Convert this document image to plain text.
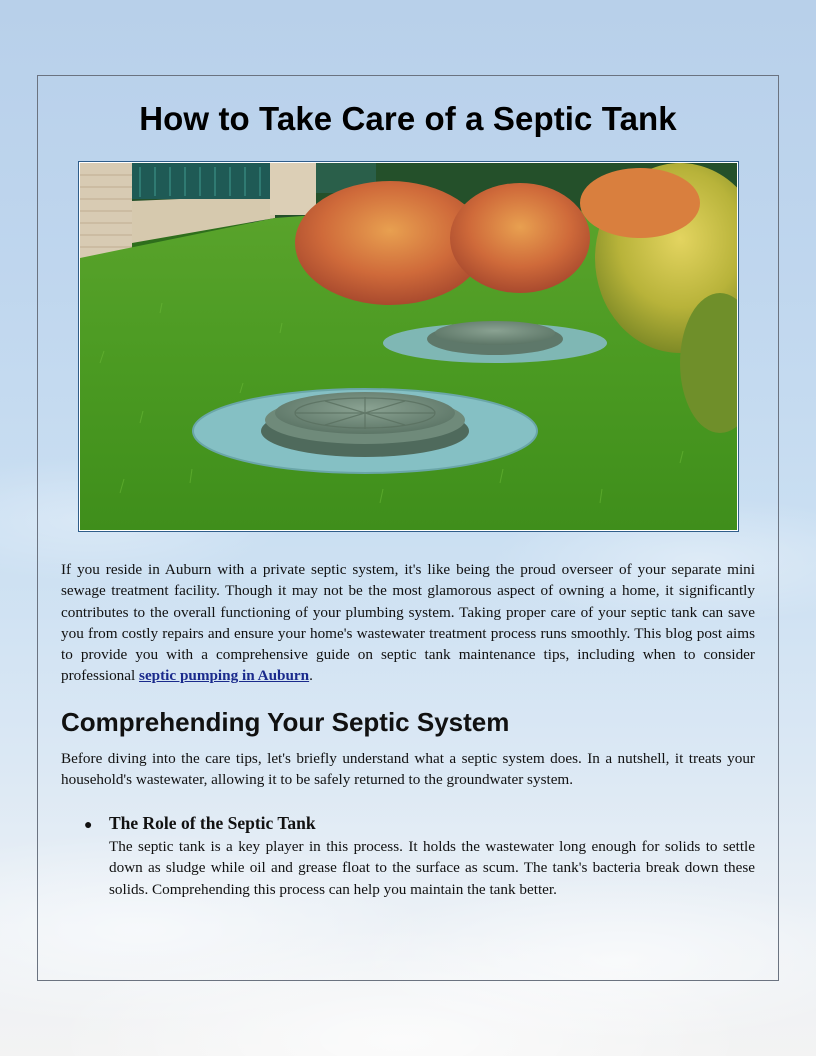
How to Take Care of a Septic Tank

If you reside in Auburn with a private septic system, it's like being the proud overseer of your separate mini sewage treatment facility. Though it may not be the most glamorous aspect of owning a home, it significantly contributes to the overall functioning of your plumbing system. Taking proper care of your septic tank can save you from costly repairs and ensure your home's wastewater treatment process runs smoothly. This blog post aims to provide you with a comprehensive guide on septic tank maintenance tips, including when to consider professional septic pumping in Auburn.

Comprehending Your Septic System

Before diving into the care tips, let's briefly understand what a septic system does. In a nutshell, it treats your household's wastewater, allowing it to be safely returned to the groundwater system.

● The Role of the Septic Tank

The septic tank is a key player in this process. It holds the wastewater long enough for solids to settle down as sludge while oil and grease float to the surface as scum. The tank's bacteria break down these solids. Comprehending this process can help you maintain the tank better.
